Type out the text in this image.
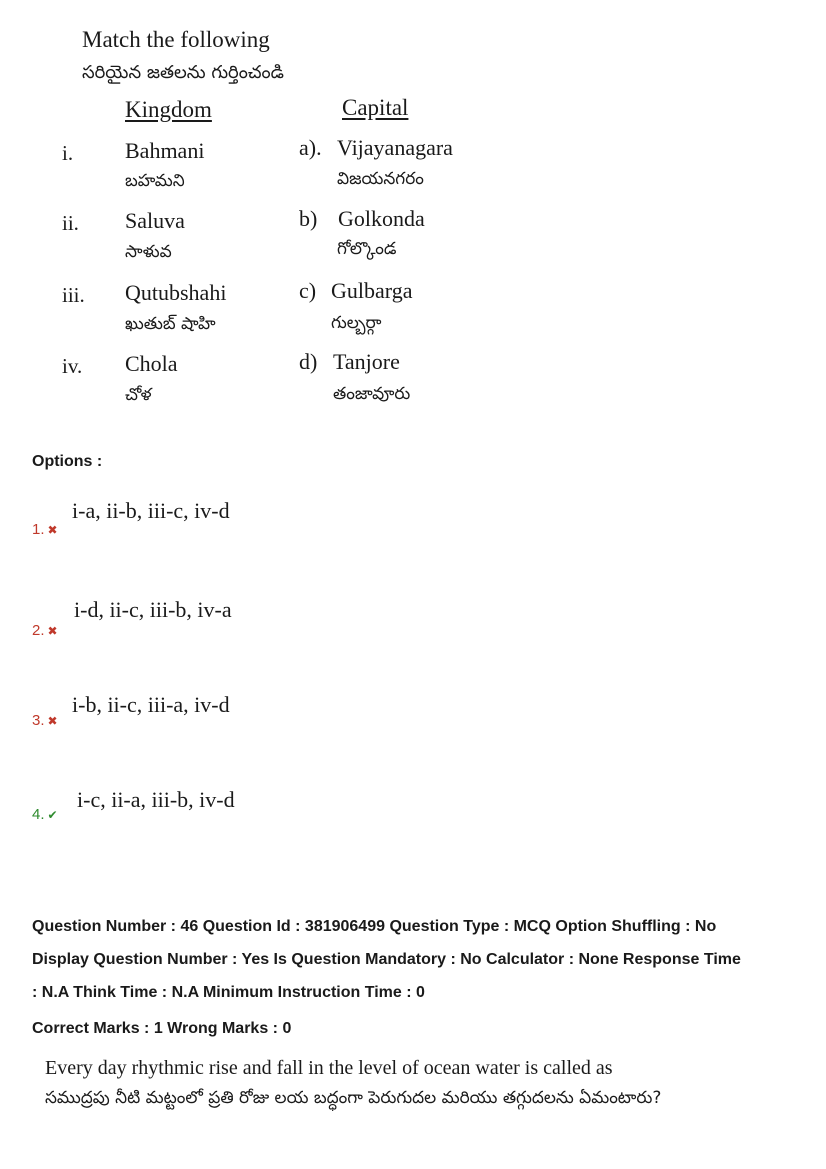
Match the following
సరియైన జతలను గుర్తించండి
Kingdom	Capital
i. Bahmani
బహమని
a). Vijayanagara
విజయనగరం
ii. Saluva
సాళువ
b) Golkonda
గోల్కొండ
iii. Qutubshahi
ఖుతుబ్ షాహి
c) Gulbarga
గుల్బర్గా
iv. Chola
చోళ
d) Tanjore
తంజావూరు
Options :
1. ✖
i-a, ii-b, iii-c, iv-d
2. ✖
i-d, ii-c, iii-b, iv-a
3. ✖
i-b, ii-c, iii-a, iv-d
4. ✔
i-c, ii-a, iii-b, iv-d
Question Number : 46 Question Id : 381906499 Question Type : MCQ Option Shuffling : No
Display Question Number : Yes Is Question Mandatory : No Calculator : None Response Time
: N.A Think Time : N.A Minimum Instruction Time : 0
Correct Marks : 1 Wrong Marks : 0
Every day rhythmic rise and fall in the level of ocean water is called as
సముద్రపు నీటి మట్టంలో ప్రతి రోజు లయ బద్ధంగా పెరుగుదల మరియు తగ్గుదలను ఏమంటారు?
